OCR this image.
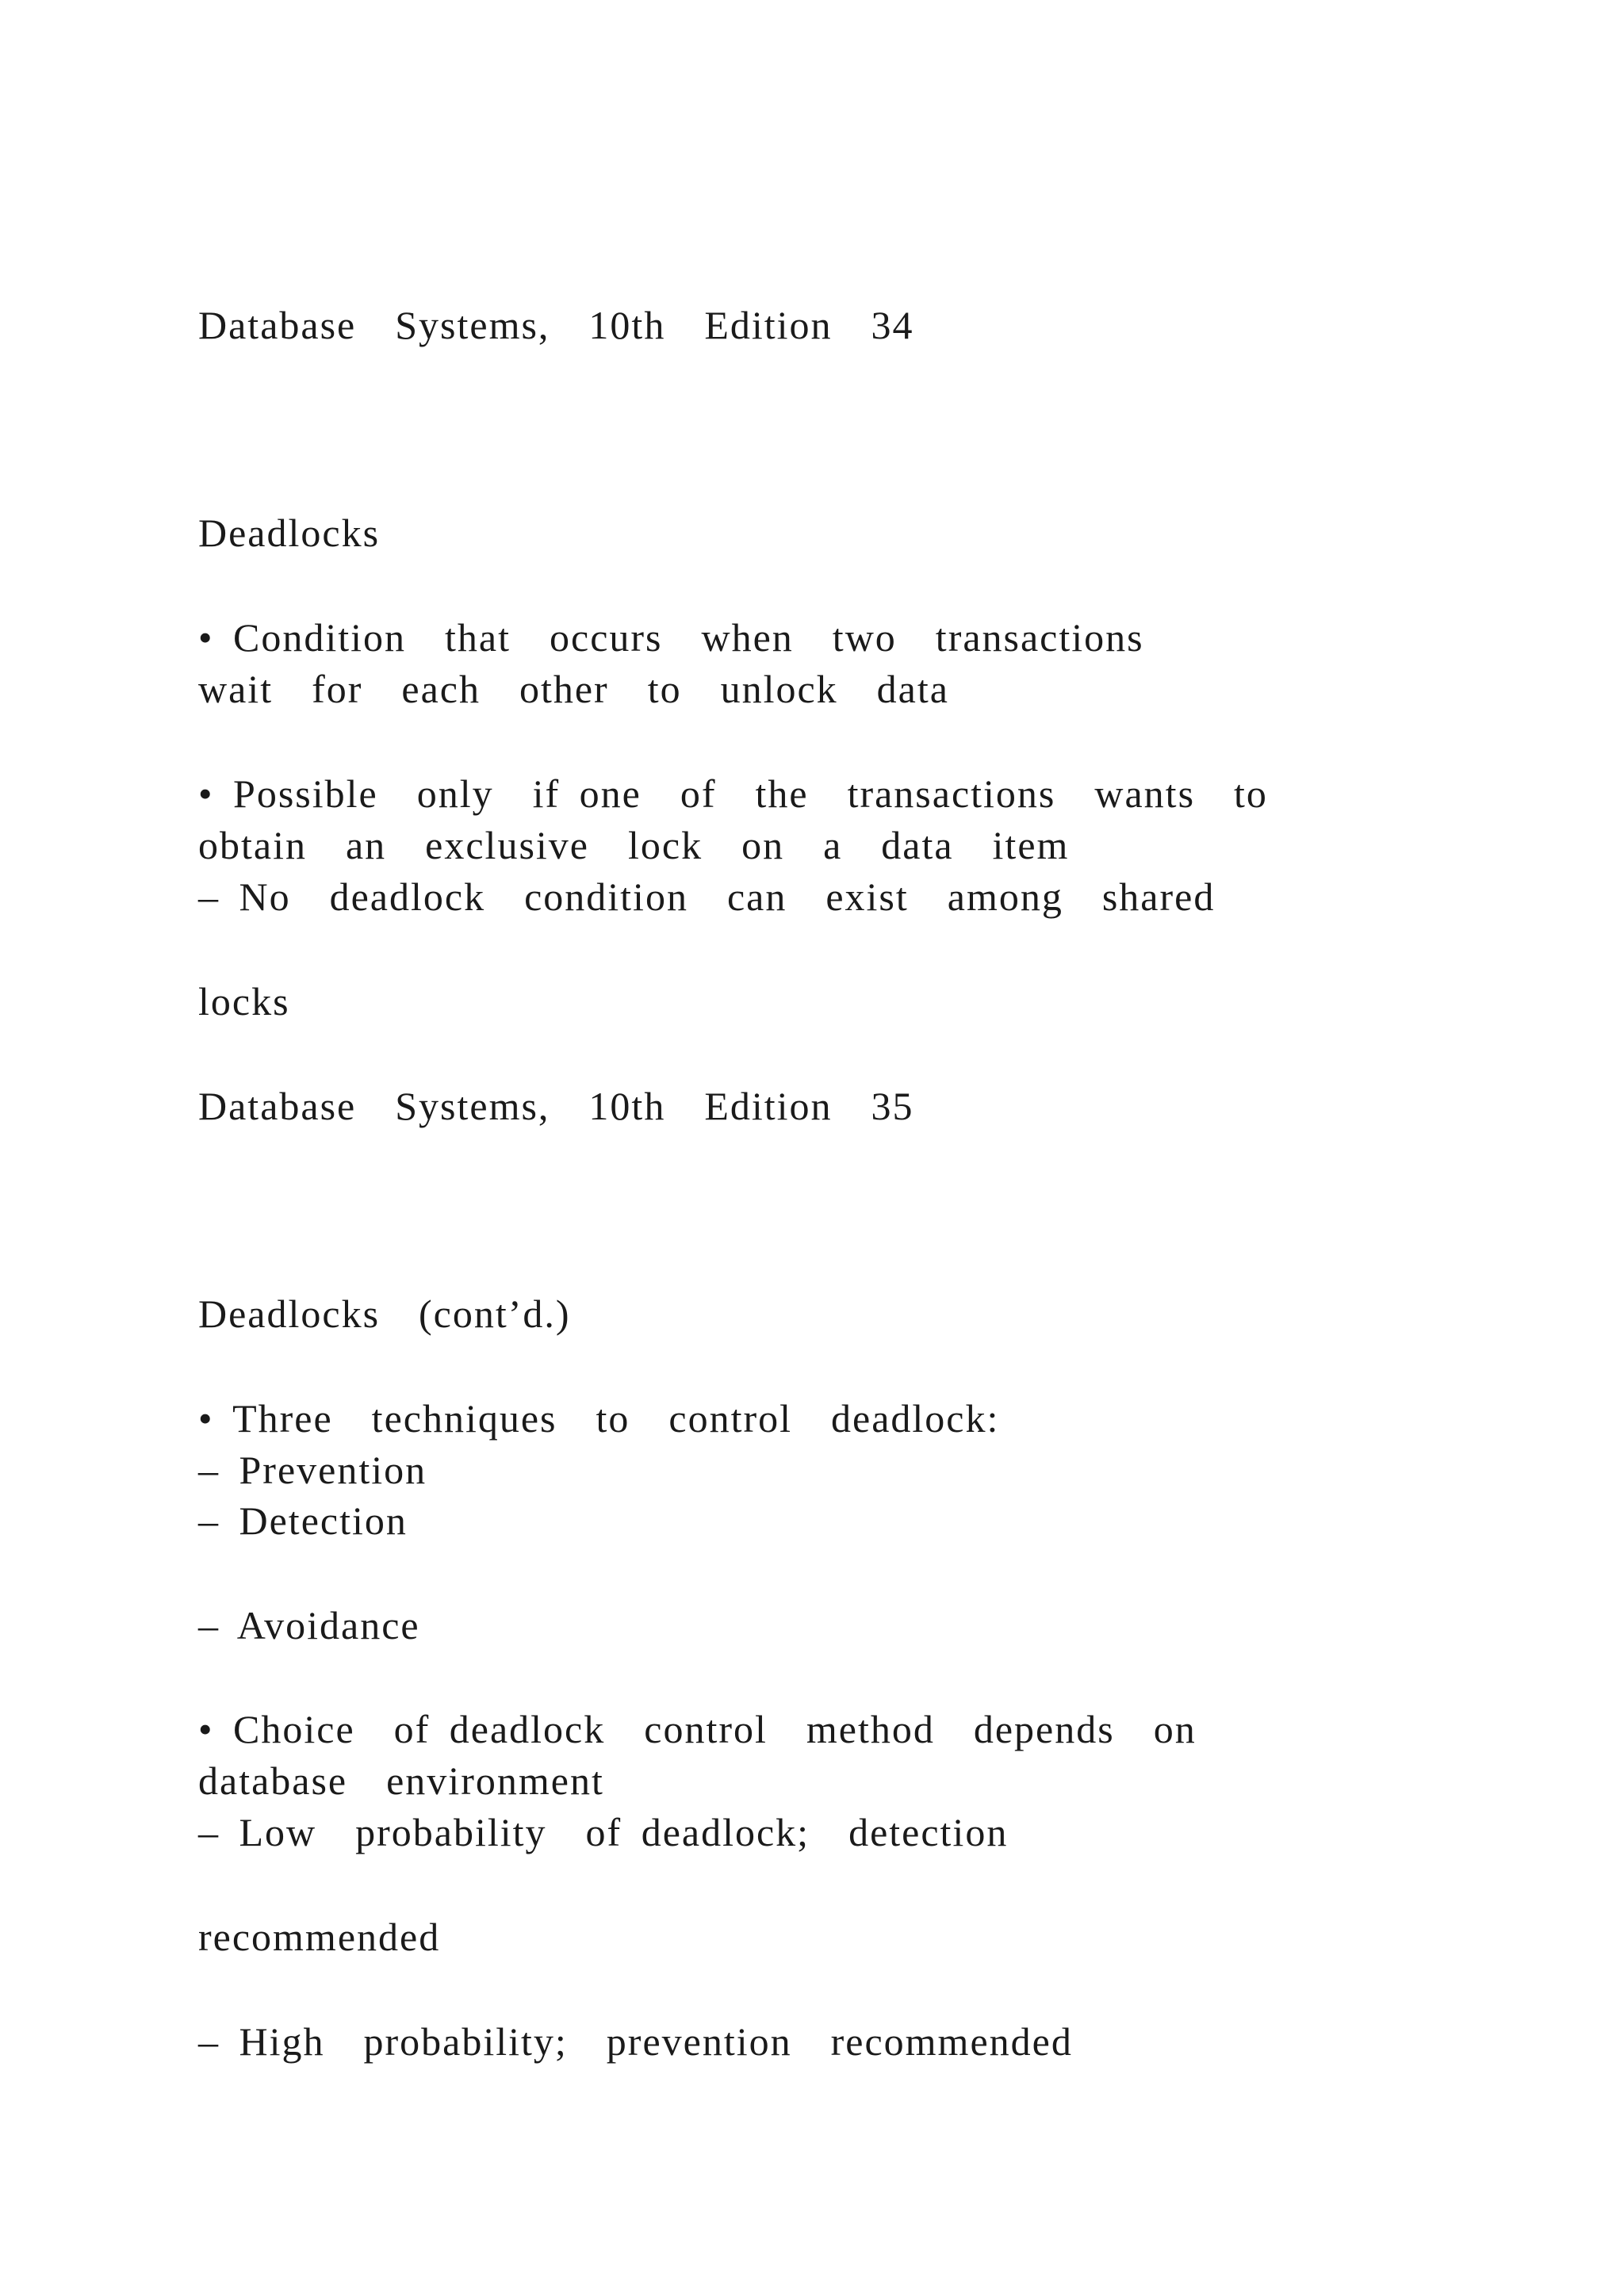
Database  Systems,  10th  Edition  34

Deadlocks

• Condition  that  occurs  when  two  transactions

wait  for  each  other  to  unlock  data

• Possible  only  if one  of  the  transactions  wants  to

obtain  an  exclusive  lock  on  a  data  item

– No  deadlock  condition  can  exist  among  shared

locks

Database  Systems,  10th  Edition  35

Deadlocks  (cont’d.)

• Three  techniques  to  control  deadlock:

– Prevention

– Detection

– Avoidance

• Choice  of deadlock  control  method  depends  on

database  environment

– Low  probability  of deadlock;  detection

recommended

– High  probability;  prevention  recommended
